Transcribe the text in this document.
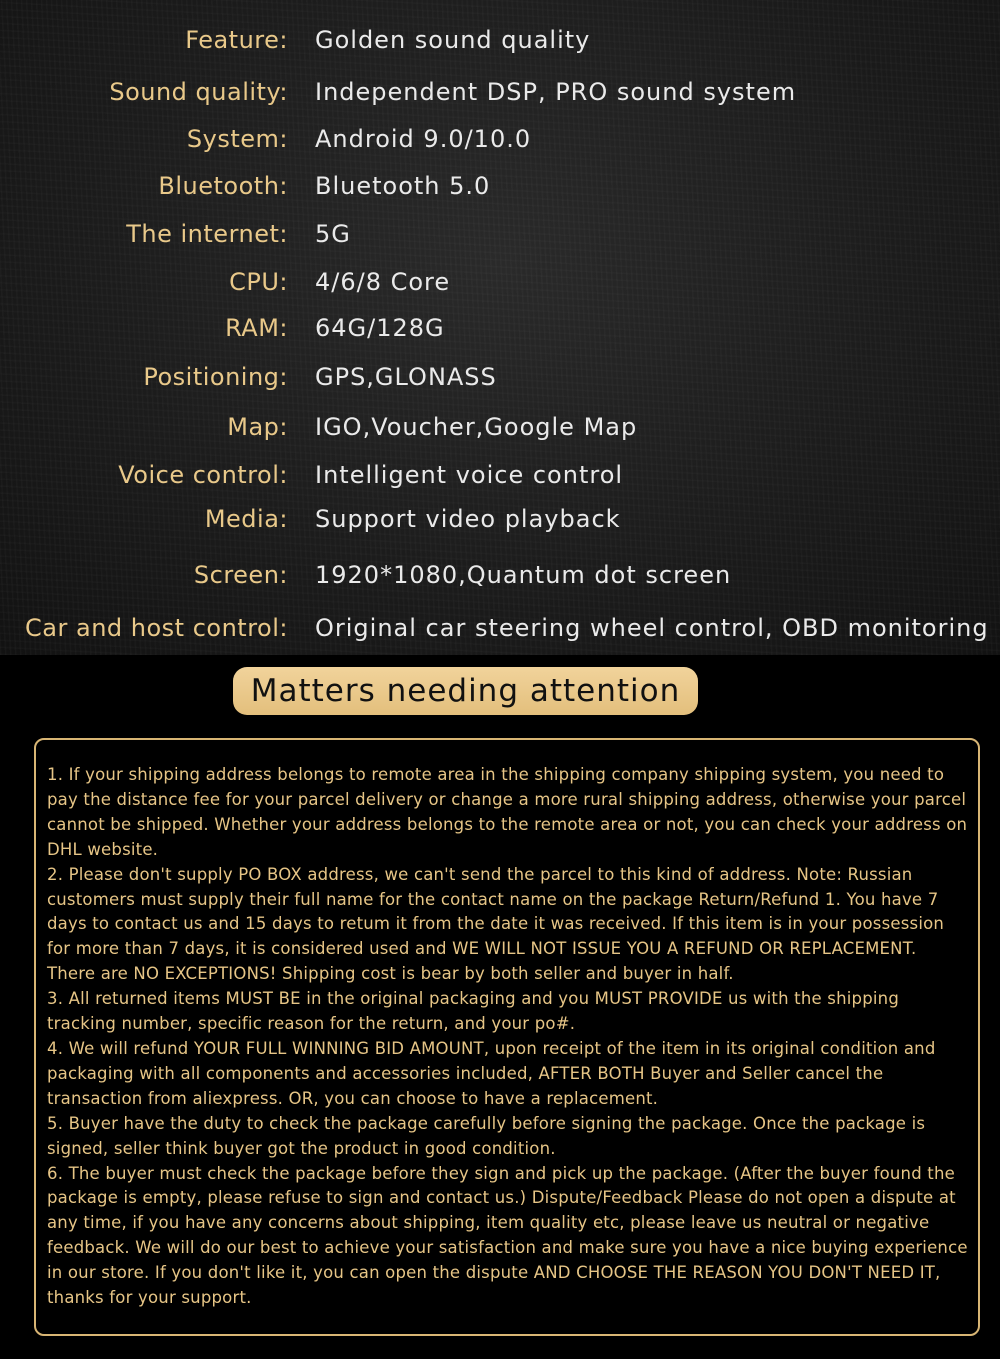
Feature: Golden sound quality
Sound quality: Independent DSP, PRO sound system
System: Android 9.0/10.0
Bluetooth: Bluetooth 5.0
The internet: 5G
CPU: 4/6/8 Core
RAM: 64G/128G
Positioning: GPS,GLONASS
Map: IGO,Voucher,Google Map
Voice control: Intelligent voice control
Media: Support video playback
Screen: 1920*1080,Quantum dot screen
Car and host control: Original car steering wheel control, OBD monitoring
Matters needing attention

1. If your shipping address belongs to remote area in the shipping company shipping system, you need to pay the distance fee for your parcel delivery or change a more rural shipping address, otherwise your parcel cannot be shipped. Whether your address belongs to the remote area or not, you can check your address on DHL website.

2. Please don't supply PO BOX address, we can't send the parcel to this kind of address. Note: Russian customers must supply their full name for the contact name on the package Return/Refund 1. You have 7 days to contact us and 15 days to retum it from the date it was received. If this item is in your possession for more than 7 days, it is considered used and WE WILL NOT ISSUE YOU A REFUND OR REPLACEMENT. There are NO EXCEPTIONS! Shipping cost is bear by both seller and buyer in half.

3. All returned items MUST BE in the original packaging and you MUST PROVIDE us with the shipping tracking number, specific reason for the return, and your po#.

4. We will refund YOUR FULL WINNING BID AMOUNT, upon receipt of the item in its original condition and packaging with all components and accessories included, AFTER BOTH Buyer and Seller cancel the transaction from aliexpress. OR, you can choose to have a replacement.

5. Buyer have the duty to check the package carefully before signing the package. Once the package is signed, seller think buyer got the product in good condition.

6. The buyer must check the package before they sign and pick up the package. (After the buyer found the package is empty, please refuse to sign and contact us.) Dispute/Feedback Please do not open a dispute at any time, if you have any concerns about shipping, item quality etc, please leave us neutral or negative feedback. We will do our best to achieve your satisfaction and make sure you have a nice buying experience in our store. If you don't like it, you can open the dispute AND CHOOSE THE REASON YOU DON'T NEED IT, thanks for your support.
